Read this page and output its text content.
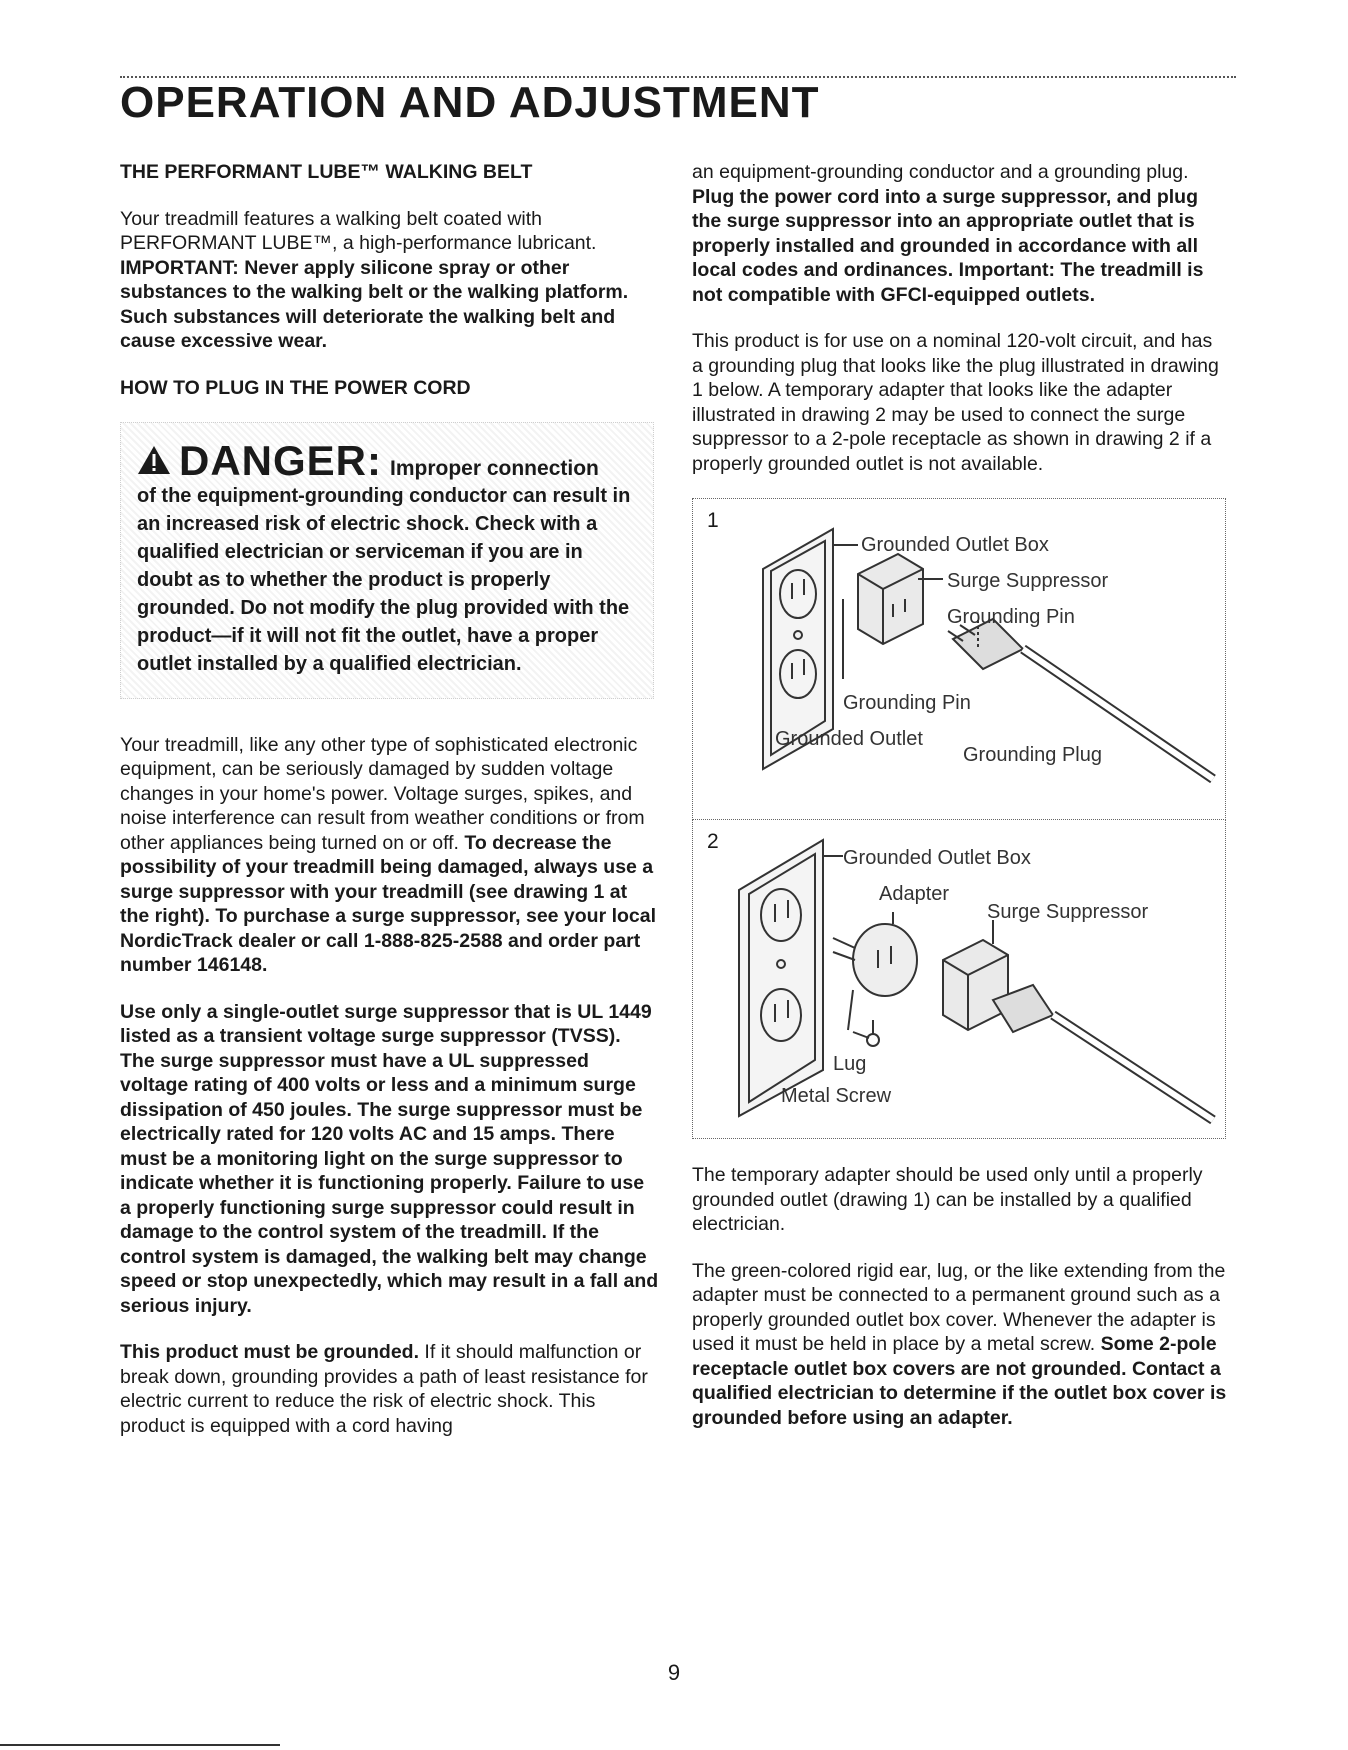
OPERATION AND ADJUSTMENT
THE PERFORMANT LUBE™ WALKING BELT

Your treadmill features a walking belt coated with PERFORMANT LUBE™, a high-performance lubricant. IMPORTANT: Never apply silicone spray or other substances to the walking belt or the walking platform. Such substances will deteriorate the walking belt and cause excessive wear.

HOW TO PLUG IN THE POWER CORD
DANGER: Improper connection
of the equipment-grounding conductor can result in an increased risk of electric shock. Check with a qualified electrician or serviceman if you are in doubt as to whether the product is properly grounded. Do not modify the plug provided with the product—if it will not fit the outlet, have a proper outlet installed by a qualified electrician.

Your treadmill, like any other type of sophisticated electronic equipment, can be seriously damaged by sudden voltage changes in your home's power. Voltage surges, spikes, and noise interference can result from weather conditions or from other appliances being turned on or off. To decrease the possibility of your treadmill being damaged, always use a surge suppressor with your treadmill (see drawing 1 at the right). To purchase a surge suppressor, see your local NordicTrack dealer or call 1-888-825-2588 and order part number 146148.

Use only a single-outlet surge suppressor that is UL 1449 listed as a transient voltage surge suppressor (TVSS). The surge suppressor must have a UL suppressed voltage rating of 400 volts or less and a minimum surge dissipation of 450 joules. The surge suppressor must be electrically rated for 120 volts AC and 15 amps. There must be a monitoring light on the surge suppressor to indicate whether it is functioning properly. Failure to use a properly functioning surge suppressor could result in damage to the control system of the treadmill. If the control system is damaged, the walking belt may change speed or stop unexpectedly, which may result in a fall and serious injury.

This product must be grounded. If it should malfunction or break down, grounding provides a path of least resistance for electric current to reduce the risk of electric shock. This product is equipped with a cord having

an equipment-grounding conductor and a grounding plug. Plug the power cord into a surge suppressor, and plug the surge suppressor into an appropriate outlet that is properly installed and grounded in accordance with all local codes and ordinances. Important: The treadmill is not compatible with GFCI-equipped outlets.

This product is for use on a nominal 120-volt circuit, and has a grounding plug that looks like the plug illustrated in drawing 1 below. A temporary adapter that looks like the adapter illustrated in drawing 2 may be used to connect the surge suppressor to a 2-pole receptacle as shown in drawing 2 if a properly grounded outlet is not available.

1
Grounded Outlet Box
Surge Suppressor
Grounding Pin
Grounding Pin
Grounded Outlet
Grounding Plug
2
Grounded Outlet Box
Adapter
Surge Suppressor
Lug
Metal Screw

The temporary adapter should be used only until a properly grounded outlet (drawing 1) can be installed by a qualified electrician.

The green-colored rigid ear, lug, or the like extending from the adapter must be connected to a permanent ground such as a properly grounded outlet box cover. Whenever the adapter is used it must be held in place by a metal screw. Some 2-pole receptacle outlet box covers are not grounded. Contact a qualified electrician to determine if the outlet box cover is grounded before using an adapter.

9
